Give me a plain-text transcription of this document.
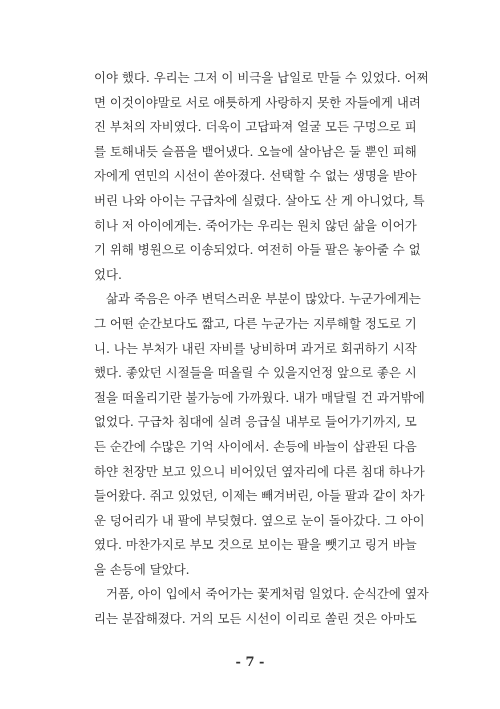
이야 했다. 우리는 그저 이 비극을 납일로 만들 수 있었다. 어쩌
면 이것이야말로 서로 애틋하게 사랑하지 못한 자들에게 내려
진 부처의 자비였다. 더욱이 고답파져 얼굴 모든 구멍으로 피
를 토해내듯 슬픔을 뱉어냈다. 오늘에 살아남은 둘 뿐인 피해
자에게 연민의 시선이 쏟아졌다. 선택할 수 없는 생명을 받아
버린 나와 아이는 구급차에 실렸다. 살아도 산 게 아니었다, 특
히나 저 아이에게는. 죽어가는 우리는 원치 않던 삶을 이어가
기 위해 병원으로 이송되었다. 여전히 아들 팔은 놓아줄 수 없
었다.
삶과 죽음은 아주 변덕스러운 부분이 많았다. 누군가에게는
그 어떤 순간보다도 짧고, 다른 누군가는 지루해할 정도로 기
니. 나는 부처가 내린 자비를 낭비하며 과거로 회귀하기 시작
했다. 좋았던 시절들을 떠올릴 수 있을지언정 앞으로 좋은 시
절을 떠올리기란 불가능에 가까웠다. 내가 매달릴 건 과거밖에
없었다. 구급차 침대에 실려 응급실 내부로 들어가기까지, 모
든 순간에 수많은 기억 사이에서. 손등에 바늘이 삽관된 다음
하얀 천장만 보고 있으니 비어있던 옆자리에 다른 침대 하나가
들어왔다. 쥐고 있었던, 이제는 빼겨버린, 아들 팔과 같이 차가
운 덩어리가 내 팔에 부딪혔다. 옆으로 눈이 돌아갔다. 그 아이
였다. 마찬가지로 부모 것으로 보이는 팔을 뺏기고 링거 바늘
을 손등에 달았다.
거품, 아이 입에서 죽어가는 꽃게처럼 일었다. 순식간에 옆자
리는 분잡해졌다. 거의 모든 시선이 이리로 쏠린 것은 아마도
- 7 -
